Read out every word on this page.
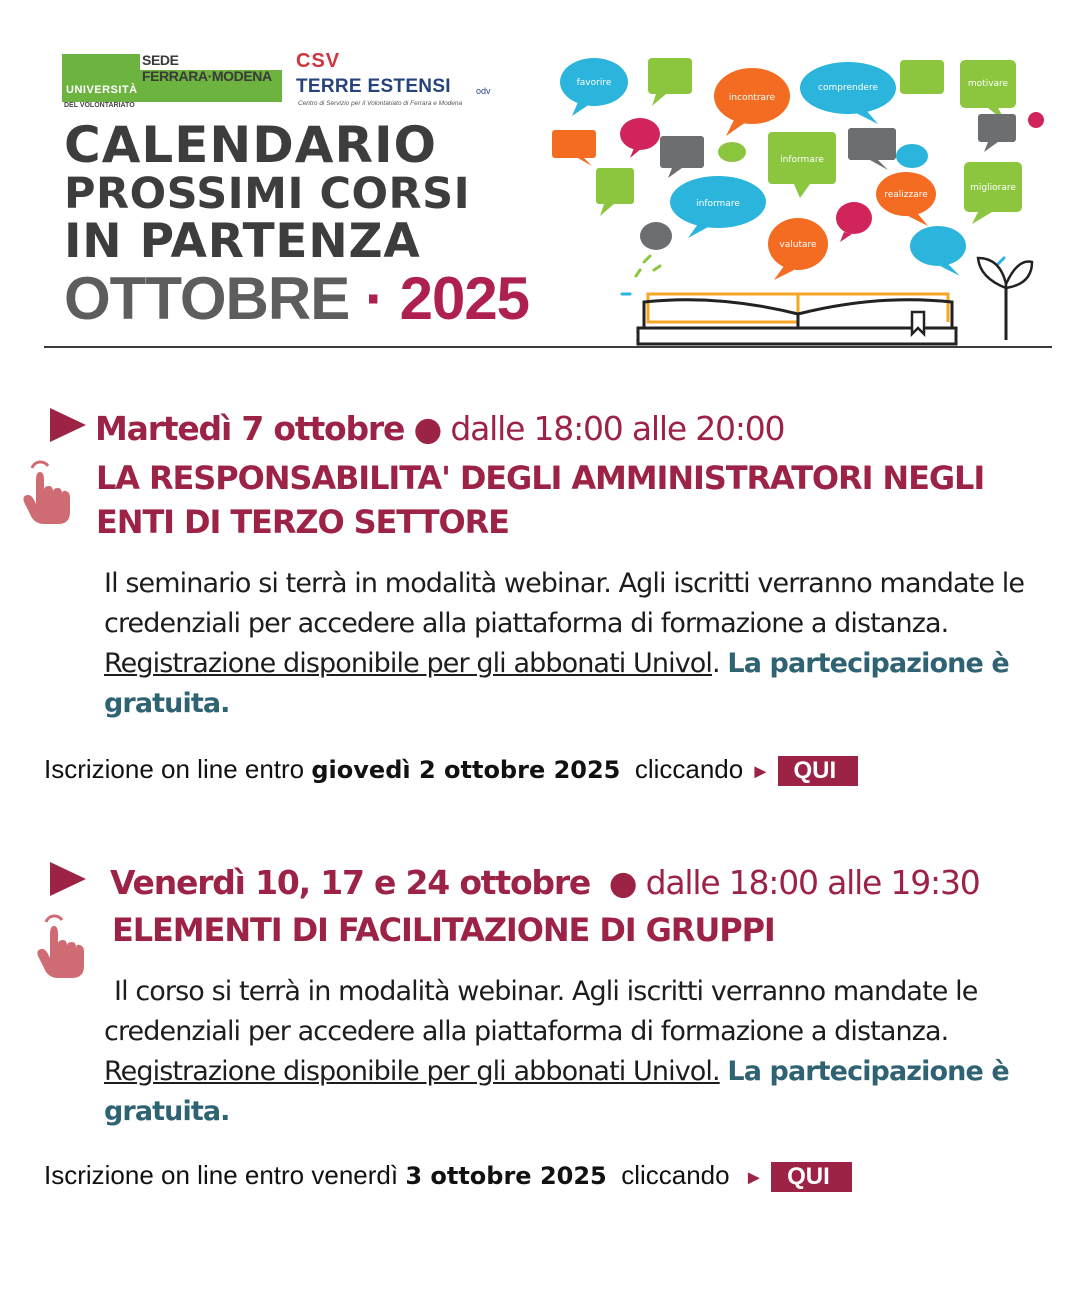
UNIVERSITÀ
SEDE FERRARA·MODENA
DEL VOLONTARIATO
CSV
TERRE ESTENSI	odv
Centro di Servizio per il Volontariato di Ferrara e Modena
CALENDARIO
PROSSIMI CORSI
IN PARTENZA
OTTOBRE · 2025
favorire
incontrare
comprendere	motivare
informare
informare
realizzare
migliorare
valutare
Martedì 7 ottobre ● dalle 18:00 alle 20:00
LA RESPONSABILITA' DEGLI AMMINISTRATORI NEGLI ENTI DI TERZO SETTORE
Il seminario si terrà in modalità webinar. Agli iscritti verranno mandate le credenziali per accedere alla piattaforma di formazione a distanza. Registrazione disponibile per gli abbonati Univol. La partecipazione è gratuita.
Iscrizione on line entro giovedì 2 ottobre 2025 cliccando ► QUI
Venerdì 10, 17 e 24 ottobre ● dalle 18:00 alle 19:30
ELEMENTI DI FACILITAZIONE DI GRUPPI
Il corso si terrà in modalità webinar. Agli iscritti verranno mandate le credenziali per accedere alla piattaforma di formazione a distanza. Registrazione disponibile per gli abbonati Univol. La partecipazione è gratuita.
Iscrizione on line entro venerdì 3 ottobre 2025 cliccando ► QUI
